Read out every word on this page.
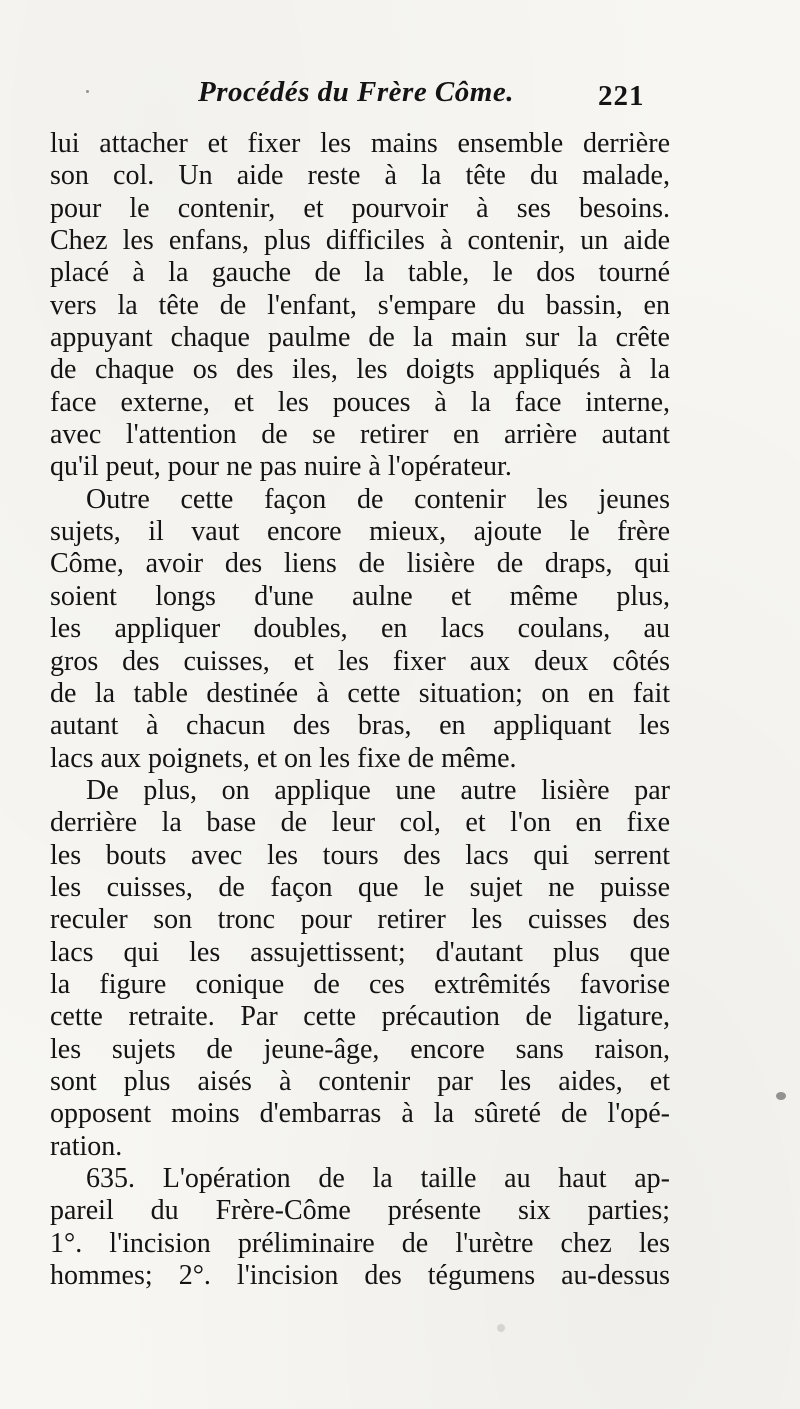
Procédés du Frère Côme.	221
lui attacher et fixer les mains ensemble derrière
son col. Un aide reste à la tête du malade,
pour le contenir, et pourvoir à ses besoins.
Chez les enfans, plus difficiles à contenir, un aide
placé à la gauche de la table, le dos tourné
vers la tête de l'enfant, s'empare du bassin, en
appuyant chaque paulme de la main sur la crête
de chaque os des iles, les doigts appliqués à la
face externe, et les pouces à la face interne,
avec l'attention de se retirer en arrière autant
qu'il peut, pour ne pas nuire à l'opérateur.
Outre cette façon de contenir les jeunes
sujets, il vaut encore mieux, ajoute le frère
Côme, avoir des liens de lisière de draps, qui
soient longs d'une aulne et même plus,
les appliquer doubles, en lacs coulans, au
gros des cuisses, et les fixer aux deux côtés
de la table destinée à cette situation; on en fait
autant à chacun des bras, en appliquant les
lacs aux poignets, et on les fixe de même.
De plus, on applique une autre lisière par
derrière la base de leur col, et l'on en fixe
les bouts avec les tours des lacs qui serrent
les cuisses, de façon que le sujet ne puisse
reculer son tronc pour retirer les cuisses des
lacs qui les assujettissent; d'autant plus que
la figure conique de ces extrêmités favorise
cette retraite. Par cette précaution de ligature,
les sujets de jeune-âge, encore sans raison,
sont plus aisés à contenir par les aides, et
opposent moins d'embarras à la sûreté de l'opé-
ration.
635. L'opération de la taille au haut ap-
pareil du Frère-Côme présente six parties;
1°. l'incision préliminaire de l'urètre chez les
hommes; 2°. l'incision des tégumens au-dessus
